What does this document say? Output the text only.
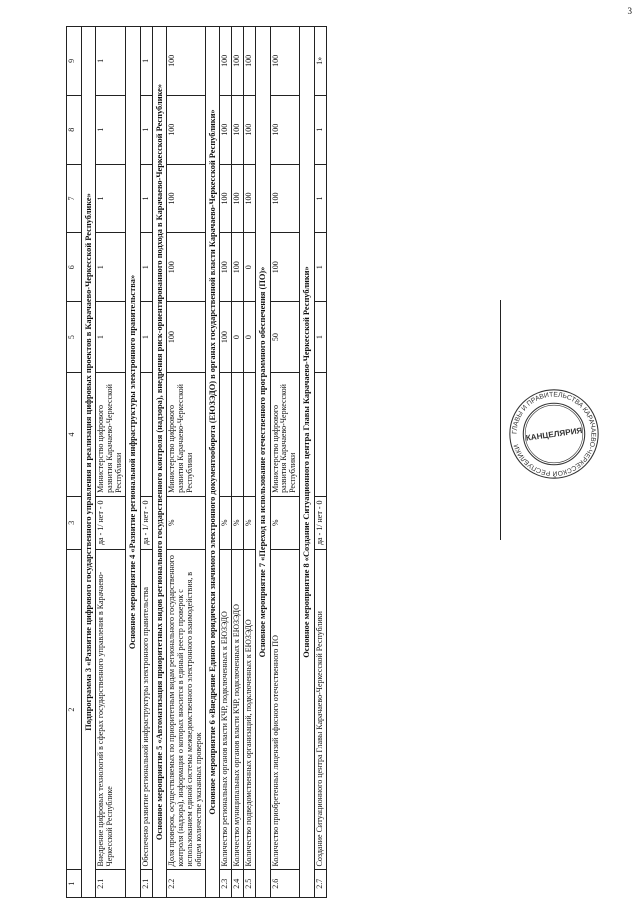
3
1	2	3	4	5	6	7	8	9
Подпрограмма 3 «Развитие цифрового государственного управления и реализация цифровых проектов в Карачаево-Черкесской Республике»								
2.1	Внедрение цифровых технологий в сферах государственного управления в Карачаево-Черкесской Республике	да - 1/ нет - 0	Министерство цифрового развития Карачаево-Черкесской Республики	1	1	1	1	1
Основное мероприятие 4 «Развитие региональной инфраструктуры электронного правительства»								
2.1	Обеспечено развитие региональной инфраструктуры электронного правительства	да - 1/ нет - 0		1	1	1	1	1
Основное мероприятие 5 «Автоматизация приоритетных видов регионального государственного контроля (надзора), внедрения риск-ориентированного подхода в Карачаево-Черкесской Республике»								
2.2	Доля проверок, осуществляемых по приоритетным видам регионального государственного контроля (надзора), информация о которых вносится в единый реестр проверок с использованием единой системы межведомственного электронного взаимодействия, в общем количестве указанных проверок	%	Министерство цифрового развития Карачаево-Черкесской Республики	100	100	100	100	100
Основное мероприятие 6 «Внедрение Единого юридически значимого электронного документооборота (ЕЮЗЭДО) в органах государственной власти Карачаево-Черкесской Республики»								
2.3	Количество региональных органов власти КЧР, подключенных к ЕЮЗЭДО	%		100	100	100	100	100
2.4	Количество муниципальных органов власти КЧР, подключенных к ЕЮЗЭДО	%		0	100	100	100	100
2.5	Количество подведомственных организаций, подключенных к ЕЮЗЭДО	%		0	0	100	100	100
Основное мероприятие 7 «Переход на использование отечественного программного обеспечения (ПО)»								
2.6	Количество приобретенных лицензий офисного отечественного ПО	%	Министерство цифрового развития Карачаево-Черкесской Республики	50	100	100	100	100
Основное мероприятие 8 «Создание Ситуационного центра Главы Карачаево-Черкесской Республики»								
2.7	Создание Ситуационного центра Главы Карачаево-Черкесской Республики	да - 1/ нет - 0		1	1	1	1	1»
ГЛАВЫ И ПРАВИТЕЛЬСТВА КАРАЧАЕВО-ЧЕРКЕССКОЙ РЕСПУБЛИКИ
КАНЦЕЛЯРИЯ
